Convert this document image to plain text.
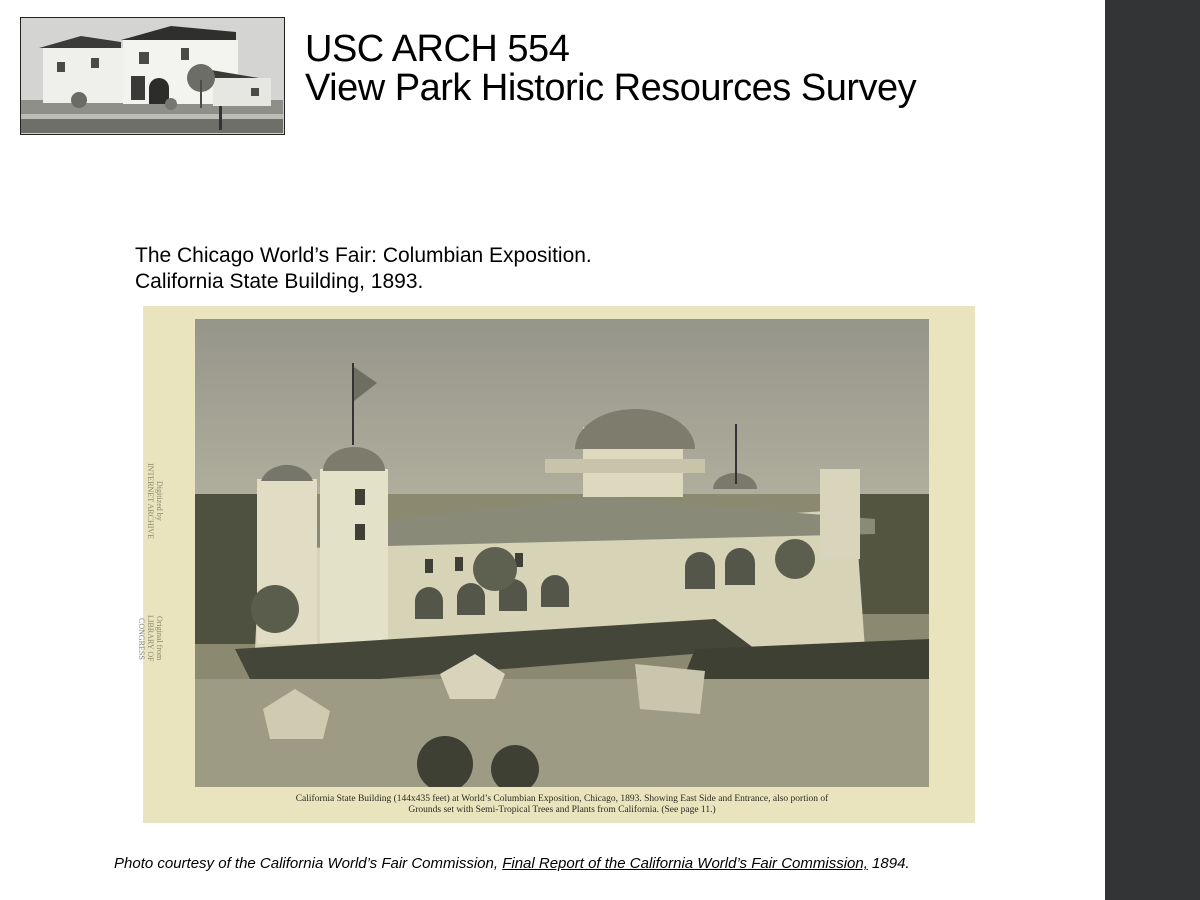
USC ARCH 554
View Park Historic Resources Survey

The Chicago World’s Fair: Columbian Exposition.
California State Building, 1893.

Digitized by
INTERNET ARCHIVE
Original from
LIBRARY OF CONGRESS
California State Building (144x435 feet) at World’s Columbian Exposition, Chicago, 1893. Showing East Side and Entrance, also portion of
Grounds set with Semi-Tropical Trees and Plants from California. (See page 11.)

Photo courtesy of the California World’s Fair Commission, Final Report of the California World’s Fair Commission, 1894.
